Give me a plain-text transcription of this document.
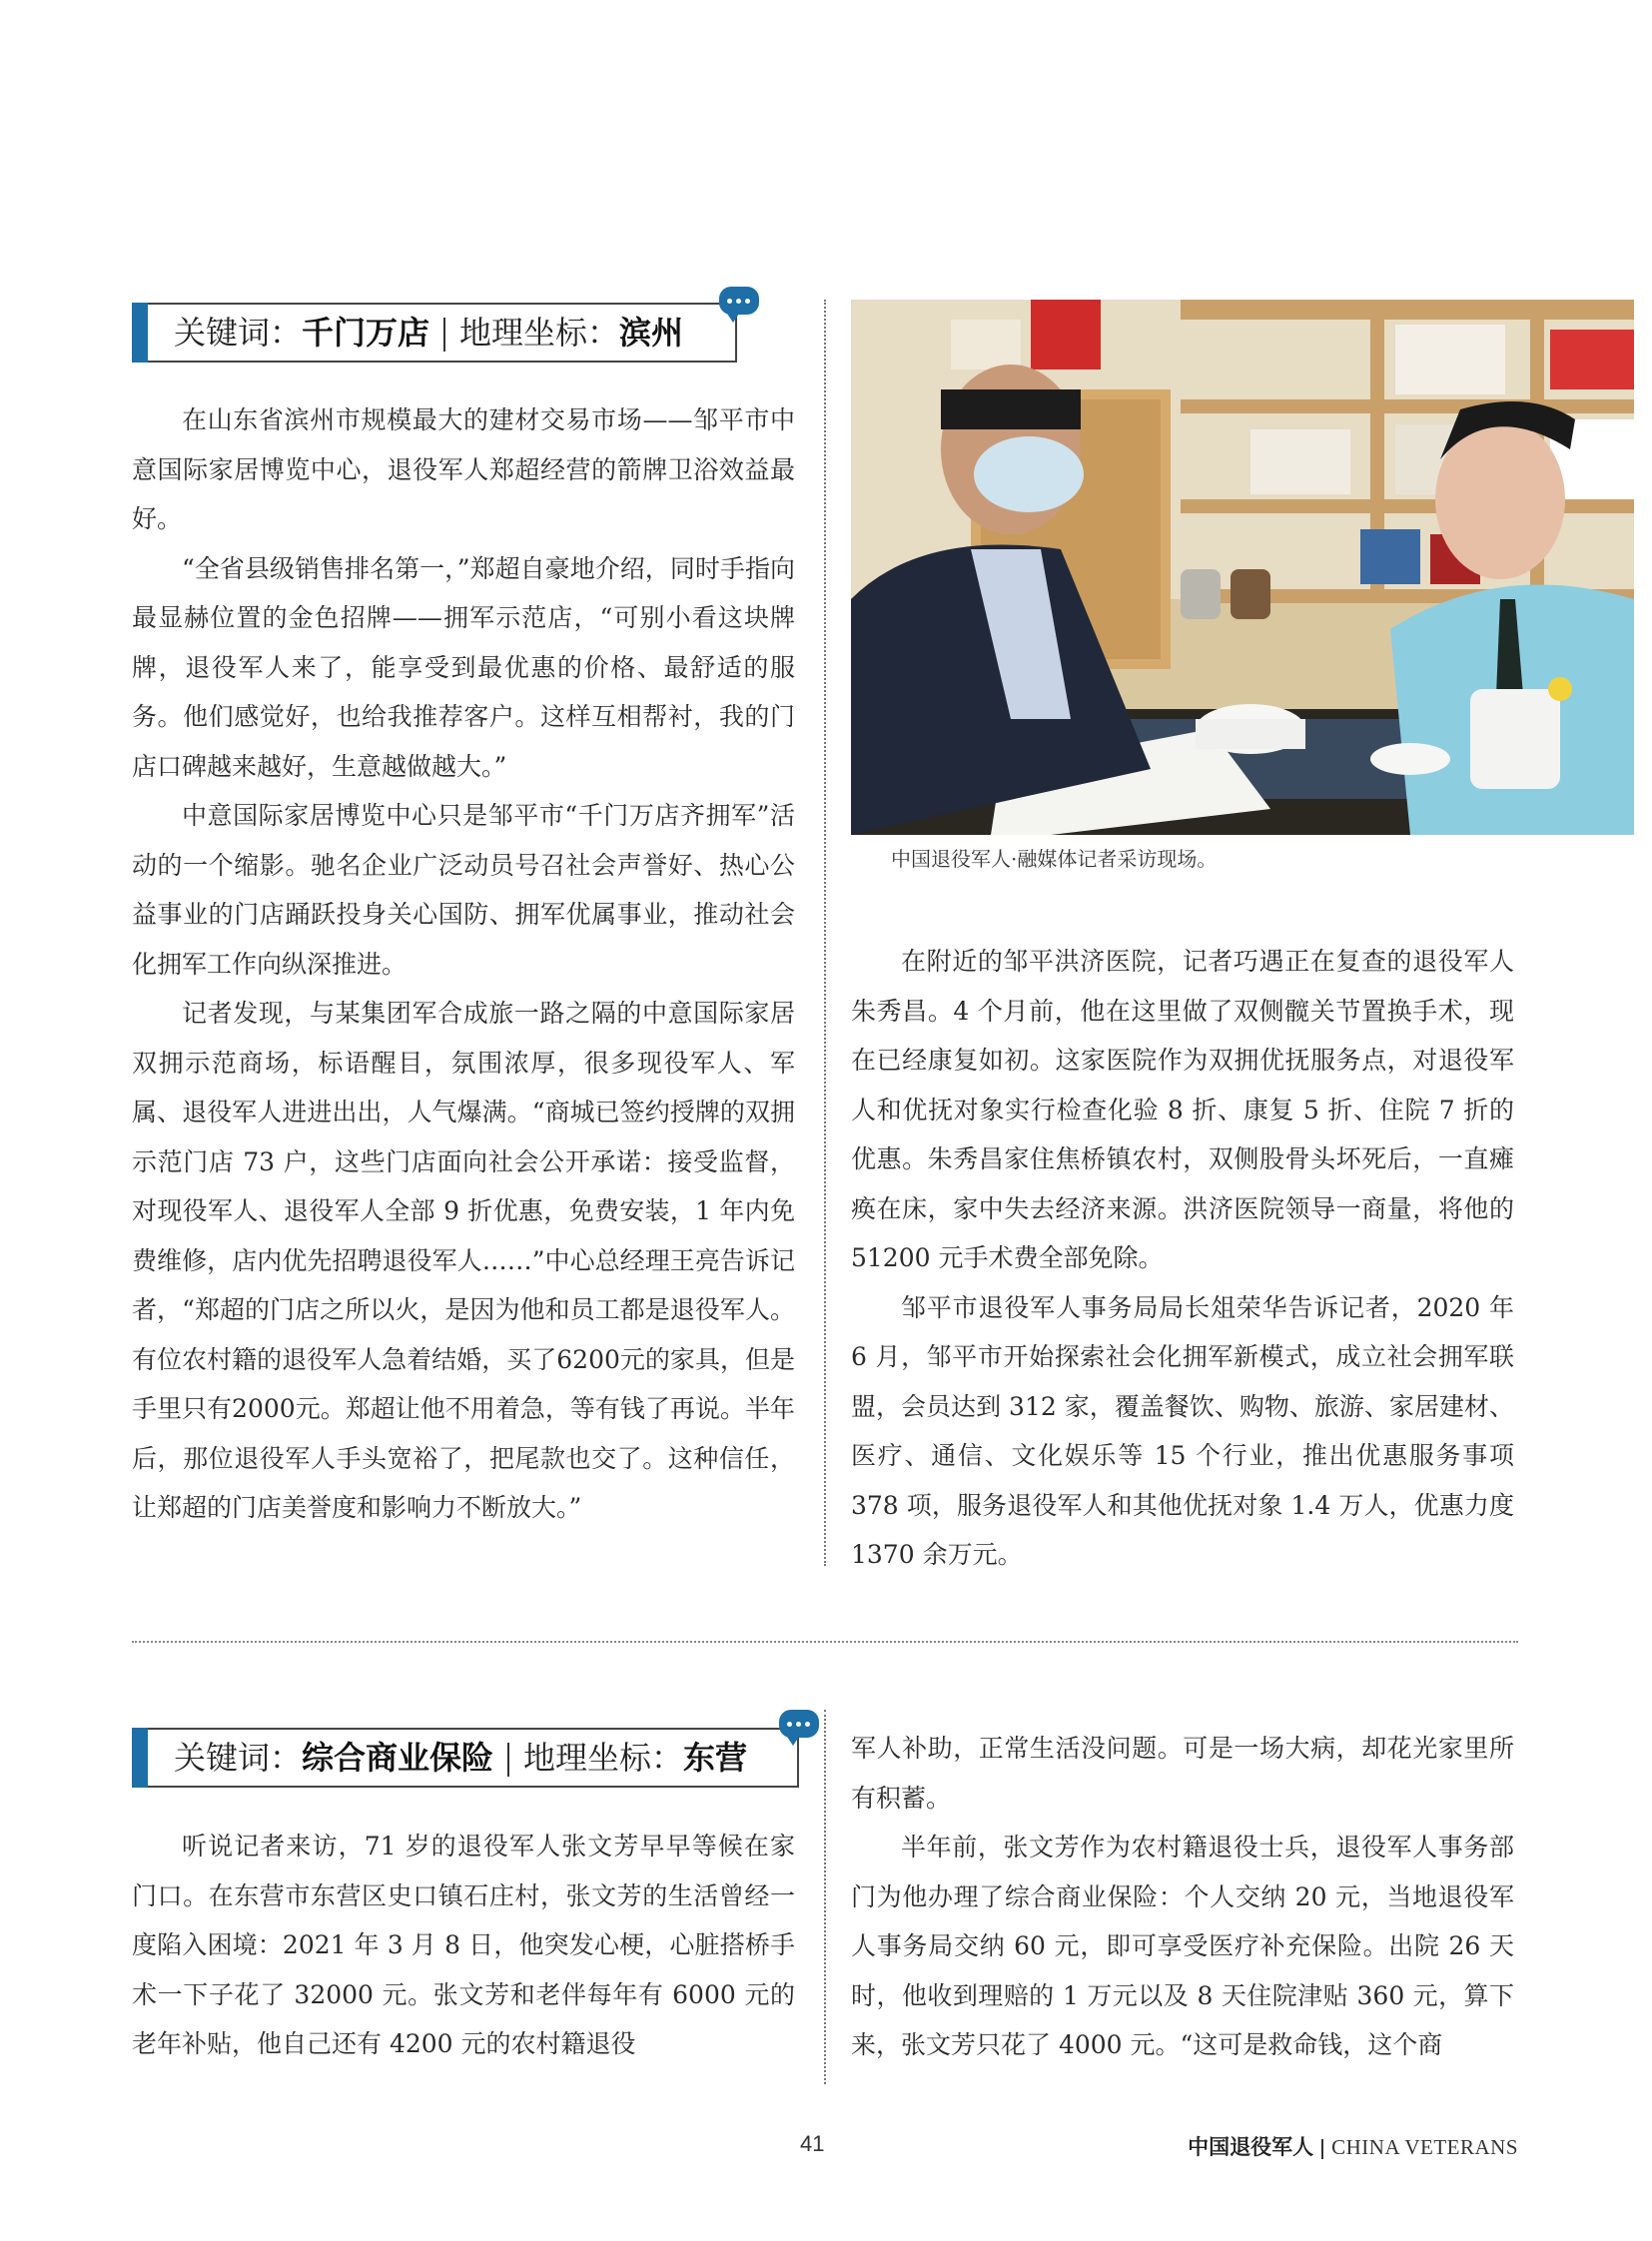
关键词：千门万店 地理坐标：滨州

在山东省滨州市规模最大的建材交易市场——邹平市中意国际家居博览中心，退役军人郑超经营的箭牌卫浴效益最好。

“全省县级销售排名第一，”郑超自豪地介绍，同时手指向最显赫位置的金色招牌——拥军示范店，“可别小看这块牌牌，退役军人来了，能享受到最优惠的价格、最舒适的服务。他们感觉好，也给我推荐客户。这样互相帮衬，我的门店口碑越来越好，生意越做越大。”

中意国际家居博览中心只是邹平市“千门万店齐拥军”活动的一个缩影。驰名企业广泛动员号召社会声誉好、热心公益事业的门店踊跃投身关心国防、拥军优属事业，推动社会化拥军工作向纵深推进。

记者发现，与某集团军合成旅一路之隔的中意国际家居双拥示范商场，标语醒目，氛围浓厚，很多现役军人、军属、退役军人进进出出，人气爆满。“商城已签约授牌的双拥示范门店 73 户，这些门店面向社会公开承诺：接受监督，对现役军人、退役军人全部 9 折优惠，免费安装，1 年内免费维修，店内优先招聘退役军人……”中心总经理王亮告诉记者，“郑超的门店之所以火，是因为他和员工都是退役军人。有位农村籍的退役军人急着结婚，买了6200元的家具，但是手里只有2000元。郑超让他不用着急，等有钱了再说。半年后，那位退役军人手头宽裕了，把尾款也交了。这种信任，让郑超的门店美誉度和影响力不断放大。”

中国退役军人·融媒体记者采访现场。

在附近的邹平洪济医院，记者巧遇正在复查的退役军人朱秀昌。4 个月前，他在这里做了双侧髋关节置换手术，现在已经康复如初。这家医院作为双拥优抚服务点，对退役军人和优抚对象实行检查化验 8 折、康复 5 折、住院 7 折的优惠。朱秀昌家住焦桥镇农村，双侧股骨头坏死后，一直瘫痪在床，家中失去经济来源。洪济医院领导一商量，将他的 51200 元手术费全部免除。

邹平市退役军人事务局局长俎荣华告诉记者，2020 年 6 月，邹平市开始探索社会化拥军新模式，成立社会拥军联盟，会员达到 312 家，覆盖餐饮、购物、旅游、家居建材、医疗、通信、文化娱乐等 15 个行业，推出优惠服务事项 378 项，服务退役军人和其他优抚对象 1.4 万人，优惠力度 1370 余万元。

关键词：综合商业保险 地理坐标：东营

听说记者来访，71 岁的退役军人张文芳早早等候在家门口。在东营市东营区史口镇石庄村，张文芳的生活曾经一度陷入困境：2021 年 3 月 8 日，他突发心梗，心脏搭桥手术一下子花了 32000 元。张文芳和老伴每年有 6000 元的老年补贴，他自己还有 4200 元的农村籍退役

军人补助，正常生活没问题。可是一场大病，却花光家里所有积蓄。

半年前，张文芳作为农村籍退役士兵，退役军人事务部门为他办理了综合商业保险：个人交纳 20 元，当地退役军人事务局交纳 60 元，即可享受医疗补充保险。出院 26 天时，他收到理赔的 1 万元以及 8 天住院津贴 360 元，算下来，张文芳只花了 4000 元。“这可是救命钱，这个商

41	中国退役军人 CHINA VETERANS
